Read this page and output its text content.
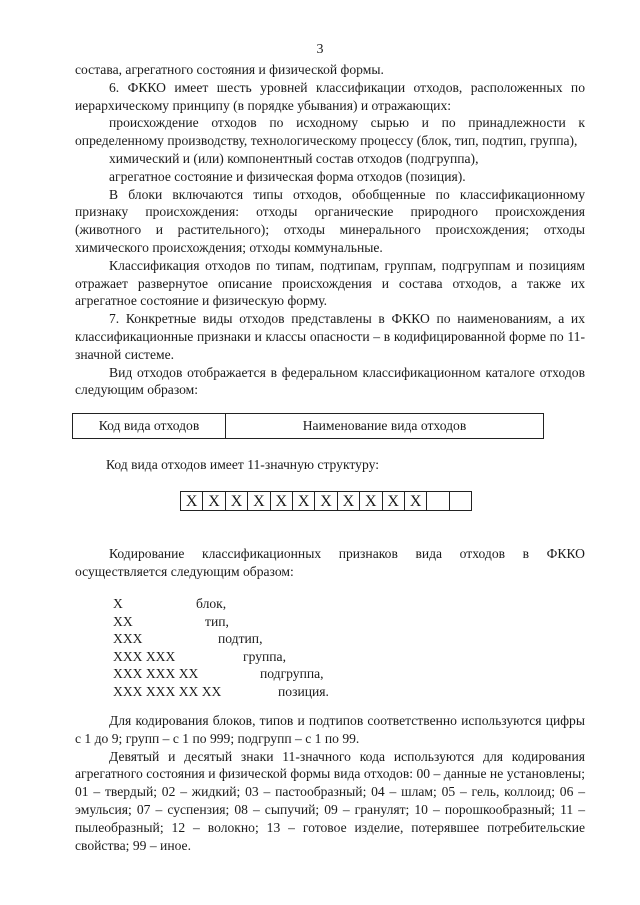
3

состава, агрегатного состояния и физической формы.

6. ФККО имеет шесть уровней классификации отходов, расположенных по иерархическому принципу (в порядке убывания) и отражающих:

происхождение отходов по исходному сырью и по принадлежности к определенному производству, технологическому процессу (блок, тип, подтип, группа),

химический и (или) компонентный состав отходов (подгруппа),

агрегатное состояние и физическая форма отходов (позиция).

В блоки включаются типы отходов, обобщенные по классификационному признаку происхождения: отходы органические природного происхождения (животного и растительного); отходы минерального происхождения; отходы химического происхождения; отходы коммунальные.

Классификация отходов по типам, подтипам, группам, подгруппам и позициям отражает развернутое описание происхождения и состава отходов, а также их агрегатное состояние и физическую форму.

7. Конкретные виды отходов представлены в ФККО по наименованиям, а их классификационные признаки и классы опасности – в кодифицированной форме по 11-значной системе.

Вид отходов отображается в федеральном классификационном каталоге отходов следующим образом:

Код вида отходов	Наименование вида отходов
Код вида отходов имеет 11-значную структуру:
X X X X X X X X X X X

Кодирование классификационных признаков вида отходов в ФККО осуществляется следующим образом:

X	блок,
XX	тип,
XXX	подтип,
XXX XXX	группа,
XXX XXX XX	подгруппа,
XXX XXX XX XX	позиция.

Для кодирования блоков, типов и подтипов соответственно используются цифры с 1 до 9; групп – с 1 по 999; подгрупп – с 1 по 99.

Девятый и десятый знаки 11-значного кода используются для кодирования агрегатного состояния и физической формы вида отходов: 00 – данные не установлены; 01 – твердый; 02 – жидкий; 03 – пастообразный; 04 – шлам; 05 – гель, коллоид; 06 – эмульсия; 07 – суспензия; 08 – сыпучий; 09 – гранулят; 10 – порошкообразный; 11 – пылеобразный; 12 – волокно; 13 – готовое изделие, потерявшее потребительские свойства; 99 – иное.
